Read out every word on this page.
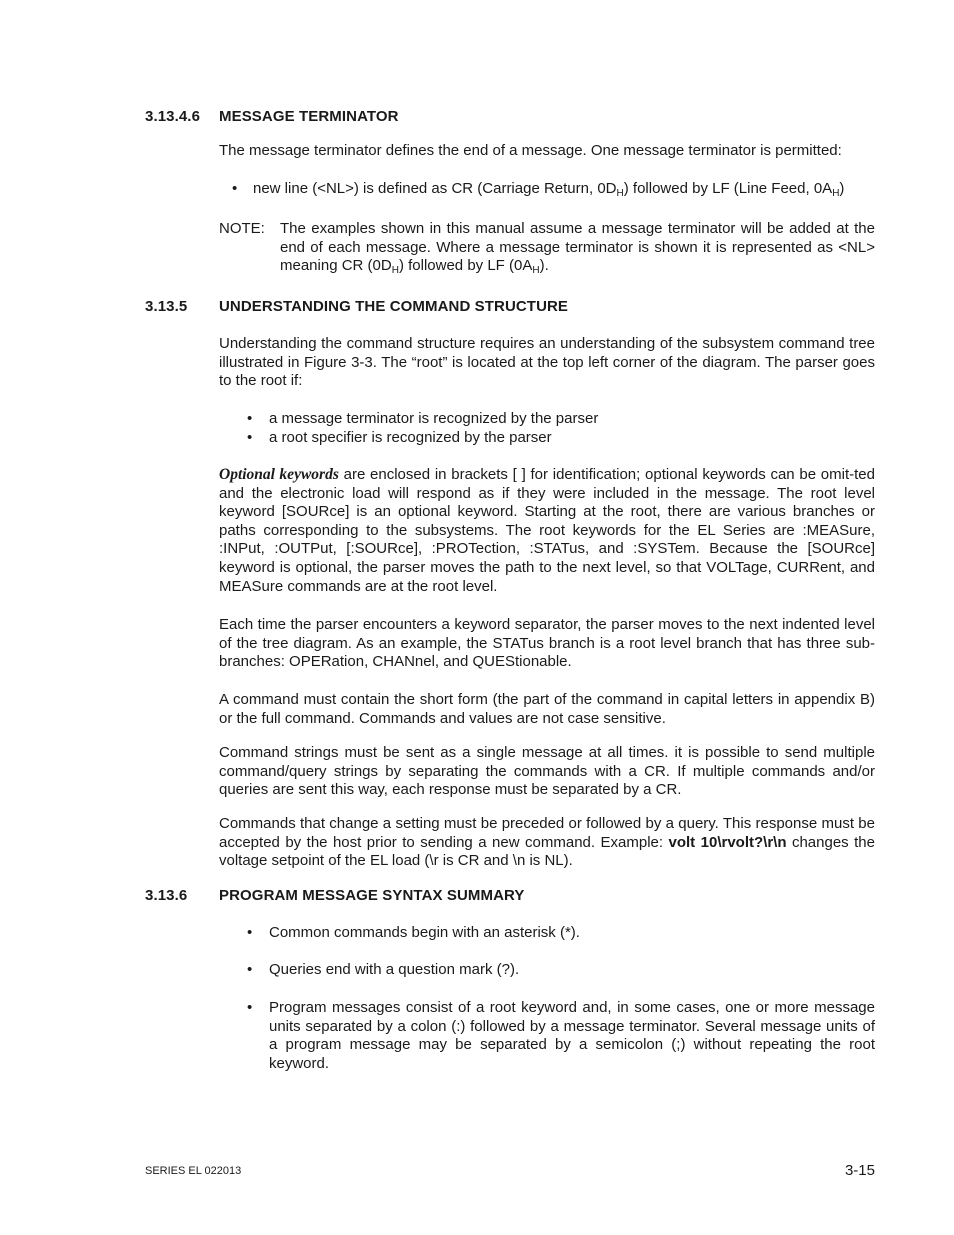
3.13.4.6 MESSAGE TERMINATOR
The message terminator defines the end of a message. One message terminator is permitted:
•	new line (<NL>) is defined as CR (Carriage Return, $0D_H$) followed by LF (Line Feed, $0A_H$)
NOTE: The examples shown in this manual assume a message terminator will be added at the end of each message. Where a message terminator is shown it is represented as <NL> meaning CR $(0D_H)$ followed by LF $(0A_H)$.
3.13.5 UNDERSTANDING THE COMMAND STRUCTURE
Understanding the command structure requires an understanding of the subsystem command tree illustrated in Figure 3-3. The “root” is located at the top left corner of the diagram. The parser goes to the root if:
•	a message terminator is recognized by the parser
•	a root specifier is recognized by the parser
Optional keywords are enclosed in brackets [ ] for identification; optional keywords can be omit-ted and the electronic load will respond as if they were included in the message. The root level keyword [SOURce] is an optional keyword. Starting at the root, there are various branches or paths corresponding to the subsystems. The root keywords for the EL Series are :MEASure, :INPut, :OUTPut, [:SOURce], :PROTection, :STATus, and :SYSTem. Because the [SOURce] keyword is optional, the parser moves the path to the next level, so that VOLTage, CURRent, and MEASure commands are at the root level.
Each time the parser encounters a keyword separator, the parser moves to the next indented level of the tree diagram. As an example, the STATus branch is a root level branch that has three sub-branches: OPERation, CHANnel, and QUEStionable.
A command must contain the short form (the part of the command in capital letters in appendix B) or the full command. Commands and values are not case sensitive.
Command strings must be sent as a single message at all times. it is possible to send multiple command/query strings by separating the commands with a CR. If multiple commands and/or queries are sent this way, each response must be separated by a CR.
Commands that change a setting must be preceded or followed by a query. This response must be accepted by the host prior to sending a new command. Example: volt 10\rvolt?\r\n changes the voltage setpoint of the EL load (\r is CR and \n is NL).
3.13.6 PROGRAM MESSAGE SYNTAX SUMMARY
•	Common commands begin with an asterisk (*).
•	Queries end with a question mark (?).
•	Program messages consist of a root keyword and, in some cases, one or more message units separated by a colon (:) followed by a message terminator. Several message units of a program message may be separated by a semicolon (;) without repeating the root keyword.
SERIES EL 022013	3-15
